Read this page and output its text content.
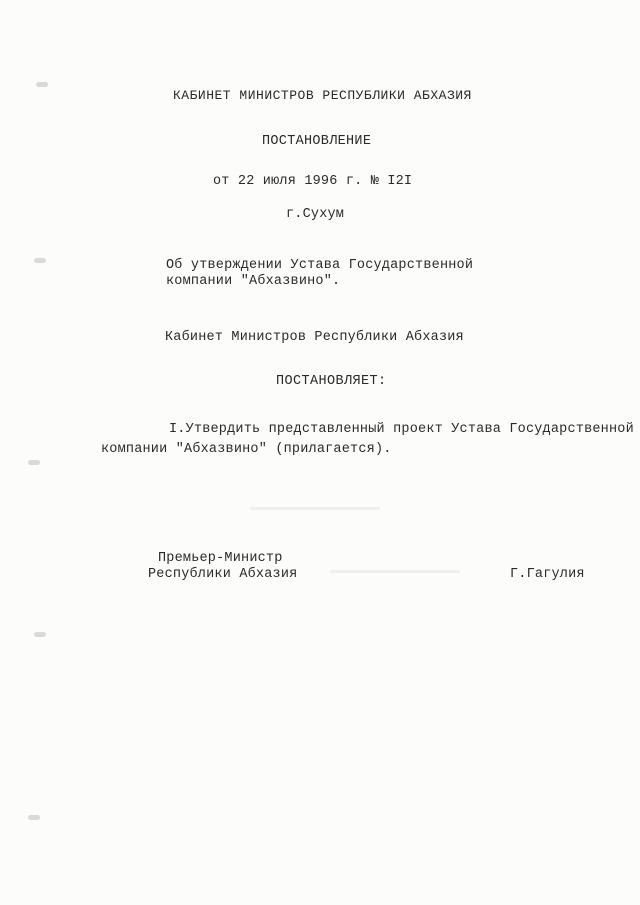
КАБИНЕТ МИНИСТРОВ РЕСПУБЛИКИ АБХАЗИЯ
ПОСТАНОВЛЕНИЕ
от 22 июля 1996 г. № I2I
г.Сухум
Об утверждении Устава Государственной
компании "Абхазвино".
Кабинет Министров Республики Абхазия
ПОСТАНОВЛЯЕТ:
I.Утвердить представленный проект Устава Государственной
компании "Абхазвино" (прилагается).
Премьер-Министр
Республики Абхазия	Г.Гагулия
